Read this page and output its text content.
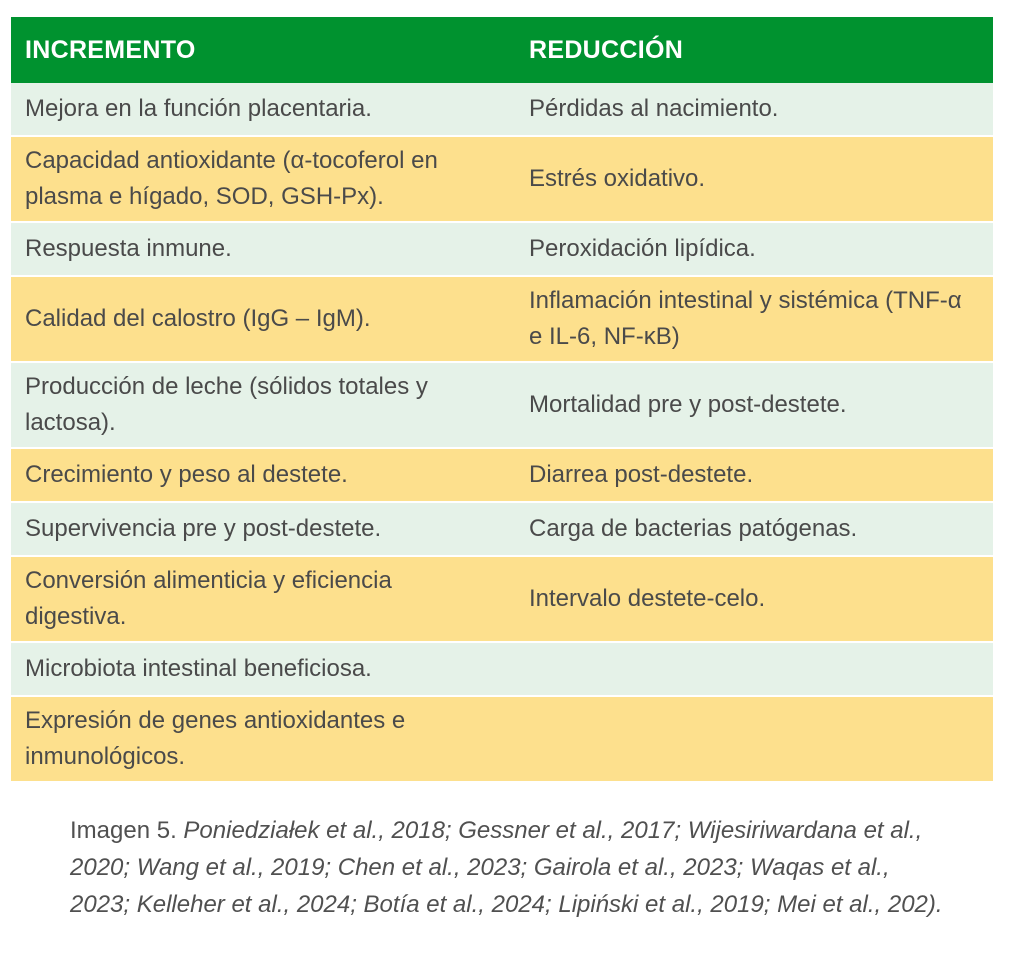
INCREMENTO	REDUCCIÓN
Mejora en la función placentaria.	Pérdidas al nacimiento.
Capacidad antioxidante (α-tocoferol en plasma e hígado, SOD, GSH-Px).	Estrés oxidativo.
Respuesta inmune.	Peroxidación lipídica.
Calidad del calostro (IgG – IgM).	Inflamación intestinal y sistémica (TNF-α e IL-6, NF-κB)
Producción de leche (sólidos totales y lactosa).	Mortalidad pre y post-destete.
Crecimiento y peso al destete.	Diarrea post-destete.
Supervivencia pre y post-destete.	Carga de bacterias patógenas.
Conversión alimenticia y eficiencia digestiva.	Intervalo destete-celo.
Microbiota intestinal beneficiosa.	
Expresión de genes antioxidantes e inmunológicos.	
Imagen 5. Poniedziałek et al., 2018; Gessner et al., 2017; Wijesiriwardana et al., 2020; Wang et al., 2019; Chen et al., 2023; Gairola et al., 2023; Waqas et al., 2023; Kelleher et al., 2024; Botía et al., 2024; Lipiński et al., 2019; Mei et al., 202).
